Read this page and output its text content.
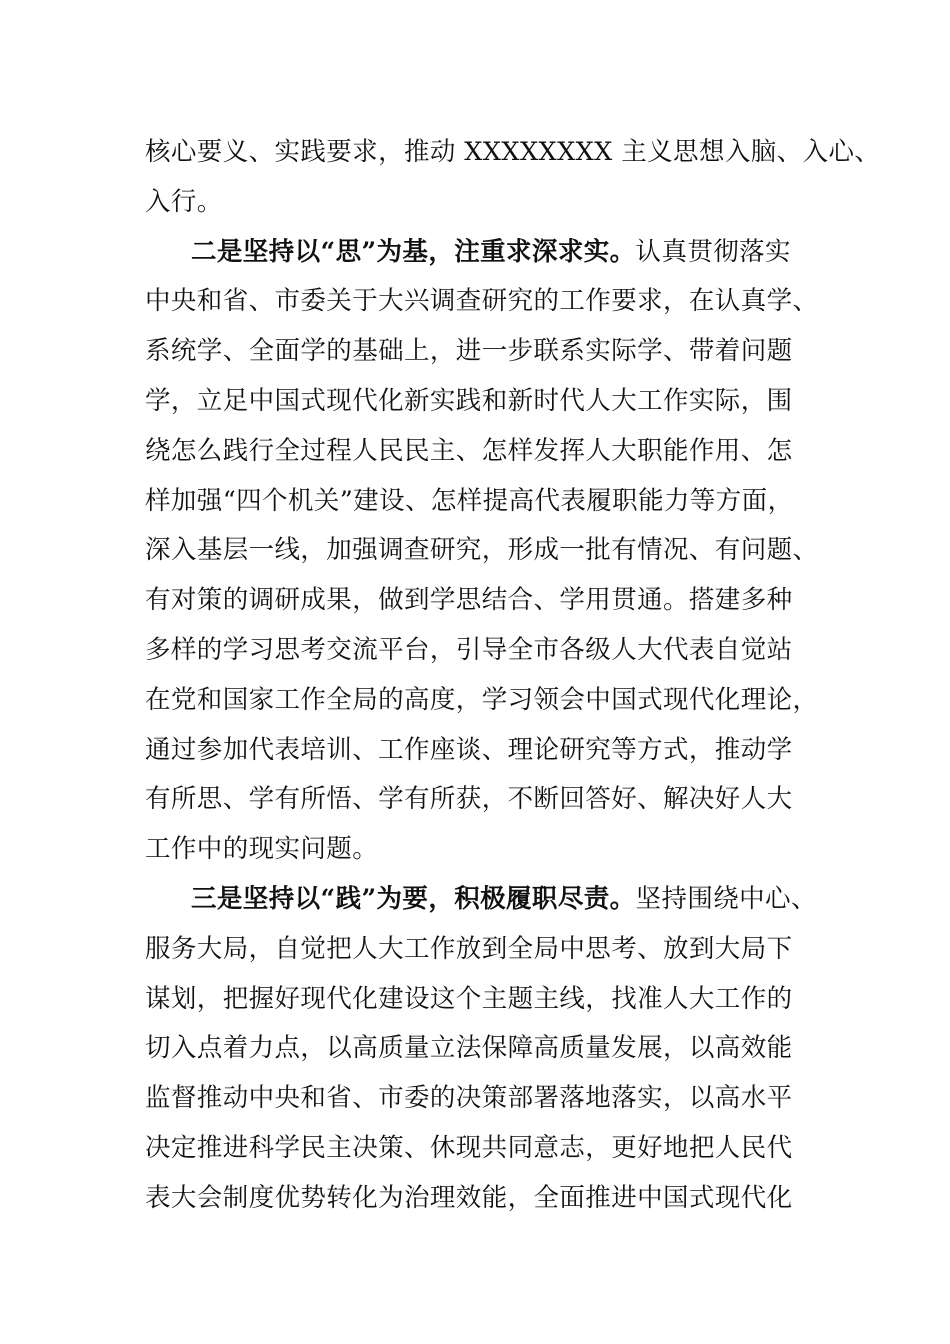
核心要义、实践要求，推动 XXXXXXXX 主义思想入脑、入心、
入行。
二是坚持以“思”为基，注重求深求实。认真贯彻落实
中央和省、市委关于大兴调查研究的工作要求，在认真学、
系统学、全面学的基础上，进一步联系实际学、带着问题
学，立足中国式现代化新实践和新时代人大工作实际，围
绕怎么践行全过程人民民主、怎样发挥人大职能作用、怎
样加强“四个机关”建设、怎样提高代表履职能力等方面，
深入基层一线，加强调查研究，形成一批有情况、有问题、
有对策的调研成果，做到学思结合、学用贯通。搭建多种
多样的学习思考交流平台，引导全市各级人大代表自觉站
在党和国家工作全局的高度，学习领会中国式现代化理论，
通过参加代表培训、工作座谈、理论研究等方式，推动学
有所思、学有所悟、学有所获，不断回答好、解决好人大
工作中的现实问题。
三是坚持以“践”为要，积极履职尽责。坚持围绕中心、
服务大局，自觉把人大工作放到全局中思考、放到大局下
谋划，把握好现代化建设这个主题主线，找准人大工作的
切入点着力点，以高质量立法保障高质量发展，以高效能
监督推动中央和省、市委的决策部署落地落实，以高水平
决定推进科学民主决策、休现共同意志，更好地把人民代
表大会制度优势转化为治理效能，全面推进中国式现代化
